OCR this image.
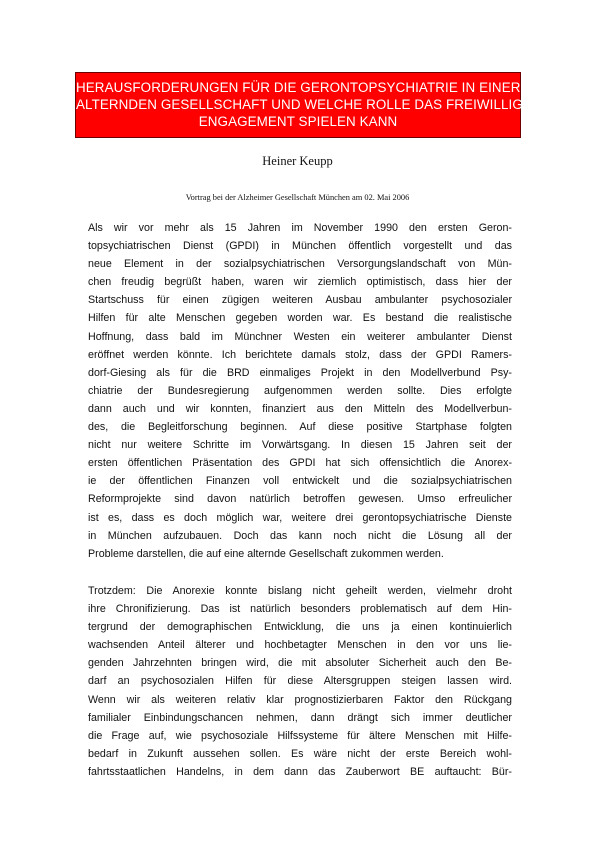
HERAUSFORDERUNGEN FÜR DIE GERONTOPSYCHIATRIE IN EINER
ALTERNDEN GESELLSCHAFT UND WELCHE ROLLE DAS FREIWILLIGE
ENGAGEMENT SPIELEN KANN
Heiner Keupp
Vortrag bei der Alzheimer Gesellschaft München am 02. Mai 2006
Als wir vor mehr als 15 Jahren im November 1990 den ersten Geron-
topsychiatrischen Dienst (GPDI) in München öffentlich vorgestellt und das
neue Element in der sozialpsychiatrischen Versorgungslandschaft von Mün-
chen freudig begrüßt haben, waren wir ziemlich optimistisch, dass hier der
Startschuss für einen zügigen weiteren Ausbau ambulanter psychosozialer
Hilfen für alte Menschen gegeben worden war. Es bestand die realistische
Hoffnung, dass bald im Münchner Westen ein weiterer ambulanter Dienst
eröffnet werden könnte. Ich berichtete damals stolz, dass der GPDI Ramers-
dorf-Giesing als für die BRD einmaliges Projekt in den Modellverbund Psy-
chiatrie der Bundesregierung aufgenommen werden sollte. Dies erfolgte
dann auch und wir konnten, finanziert aus den Mitteln des Modellverbun-
des, die Begleitforschung beginnen. Auf diese positive Startphase folgten
nicht nur weitere Schritte im Vorwärtsgang. In diesen 15 Jahren seit der
ersten öffentlichen Präsentation des GPDI hat sich offensichtlich die Anorex-
ie der öffentlichen Finanzen voll entwickelt und die sozialpsychiatrischen
Reformprojekte sind davon natürlich betroffen gewesen. Umso erfreulicher
ist es, dass es doch möglich war, weitere drei gerontopsychiatrische Dienste
in München aufzubauen. Doch das kann noch nicht die Lösung all der
Probleme darstellen, die auf eine alternde Gesellschaft zukommen werden.
Trotzdem: Die Anorexie konnte bislang nicht geheilt werden, vielmehr droht
ihre Chronifizierung. Das ist natürlich besonders problematisch auf dem Hin-
tergrund der demographischen Entwicklung, die uns ja einen kontinuierlich
wachsenden Anteil älterer und hochbetagter Menschen in den vor uns lie-
genden Jahrzehnten bringen wird, die mit absoluter Sicherheit auch den Be-
darf an psychosozialen Hilfen für diese Altersgruppen steigen lassen wird.
Wenn wir als weiteren relativ klar prognostizierbaren Faktor den Rückgang
familialer Einbindungschancen nehmen, dann drängt sich immer deutlicher
die Frage auf, wie psychosoziale Hilfssysteme für ältere Menschen mit Hilfe-
bedarf in Zukunft aussehen sollen. Es wäre nicht der erste Bereich wohl-
fahrtsstaatlichen Handelns, in dem dann das Zauberwort BE auftaucht: Bür-
